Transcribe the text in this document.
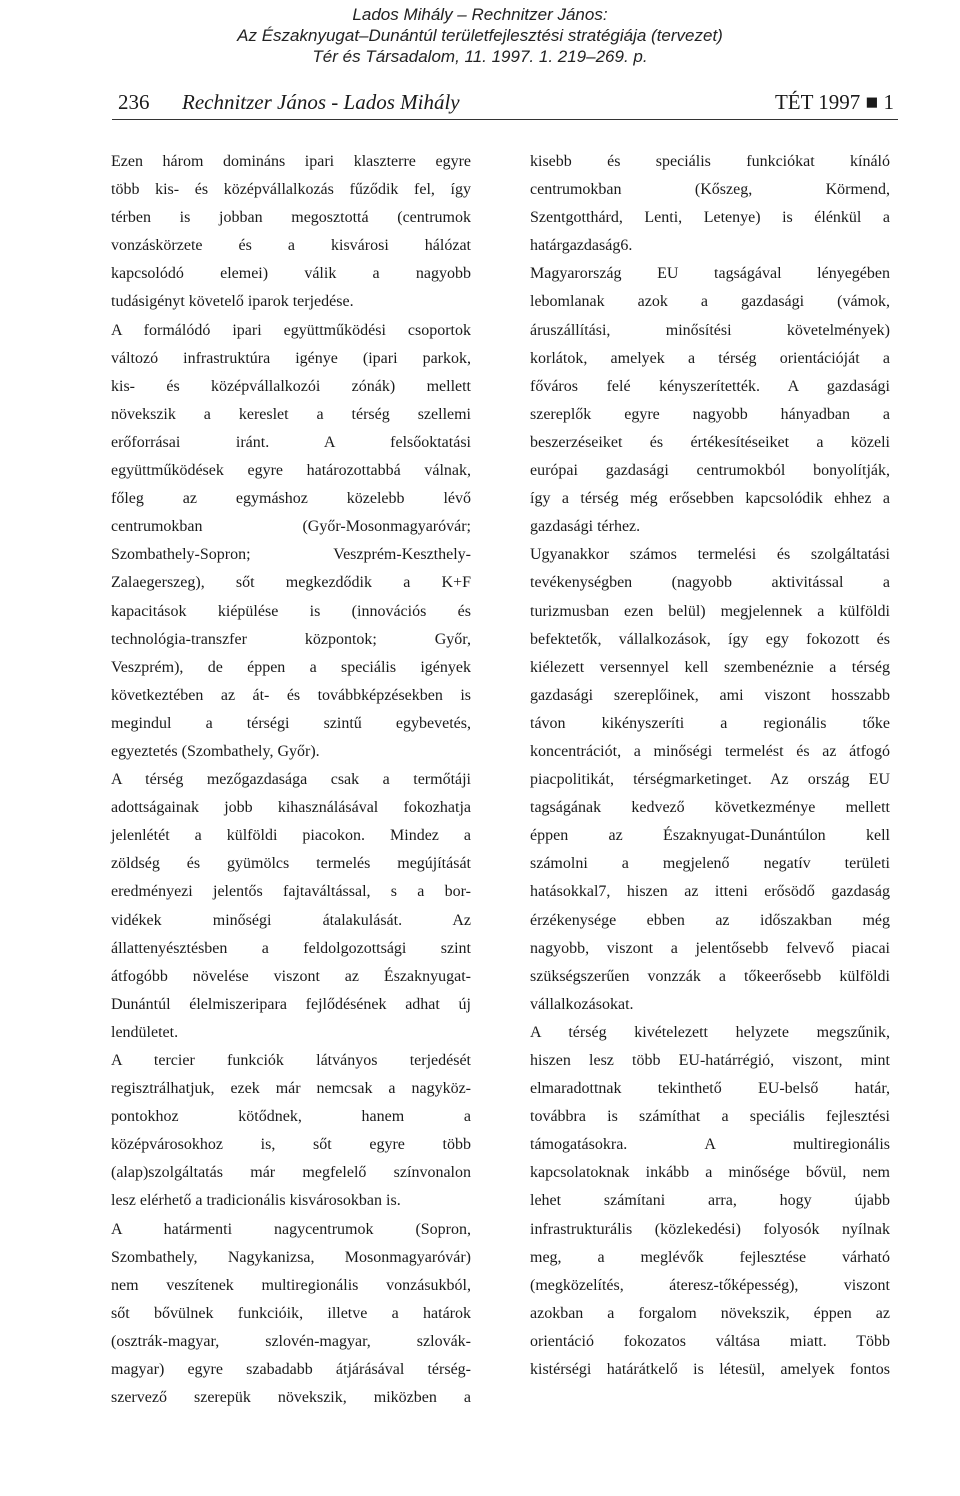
Lados Mihály – Rechnitzer János:
Az Északnyugat–Dunántúl területfejlesztési stratégiája (tervezet)
Tér és Társadalom, 11. 1997. 1. 219–269. p.
236 Rechnitzer János - Lados Mihály	TÉT 1997 ■ 1

Ezen három domináns ipari klaszterre egyre
több kis- és középvállalkozás fűződik fel, így
térben is jobban megosztottá (centrumok
vonzáskörzete és a kisvárosi hálózat
kapcsolódó elemei) válik a nagyobb

tudásigényt követelő iparok terjedése.

A formálódó ipari együttműködési csoportok
változó infrastruktúra igénye (ipari parkok,
kis- és középvállalkozói zónák) mellett
növekszik a kereslet a térség szellemi
erőforrásai iránt. A felsőoktatási
együttműködések egyre határozottabbá válnak,
főleg az egymáshoz közelebb lévő
centrumokban (Győr-Mosonmagyaróvár;
Szombathely-Sopron; Veszprém-Keszthely-
Zalaegerszeg), sőt megkezdődik a K+F
kapacitások kiépülése is (innovációs és
technológia-transzfer központok; Győr,
Veszprém), de éppen a speciális igények
következtében az át- és továbbképzésekben is
megindul a térségi szintű egybevetés,
egyeztetés (Szombathely, Győr).

A térség mezőgazdasága csak a termőtáji
adottságainak jobb kihasználásával fokozhatja
jelenlétét a külföldi piacokon. Mindez a
zöldség és gyümölcs termelés megújítását
eredményezi jelentős fajtaváltással, s a bor-
vidékek minőségi átalakulását. Az
állattenyésztésben a feldolgozottsági szint
átfogóbb növelése viszont az Északnyugat-
Dunántúl élelmiszeripara fejlődésének adhat új
lendületet.

A tercier funkciók látványos terjedését
regisztrálhatjuk, ezek már nemcsak a nagyköz-
pontokhoz kötődnek, hanem a
középvárosokhoz is, sőt egyre több
(alap)szolgáltatás már megfelelő színvonalon
lesz elérhető a tradicionális kisvárosokban is.

A határmenti nagycentrumok (Sopron,
Szombathely, Nagykanizsa, Mosonmagyaróvár)
nem veszítenek multiregionális vonzásukból,
sőt bővülnek funkcióik, illetve a határok
(osztrák-magyar, szlovén-magyar, szlovák-
magyar) egyre szabadabb átjárásával térség-
szervező szerepük növekszik, miközben a

kisebb és speciális funkciókat kínáló
centrumokban (Kőszeg, Körmend,
Szentgotthárd, Lenti, Letenye) is élénkül a

határgazdaság6.

Magyarország EU tagságával lényegében
lebomlanak azok a gazdasági (vámok,
áruszállítási, minősítési követelmények)
korlátok, amelyek a térség orientációját a
főváros felé kényszerítették. A gazdasági
szereplők egyre nagyobb hányadban a
beszerzéseiket és értékesítéseiket a közeli
európai gazdasági centrumokból bonyolítják,
így a térség még erősebben kapcsolódik ehhez a

gazdasági térhez.

Ugyanakkor számos termelési és szolgáltatási
tevékenységben (nagyobb aktivitással a
turizmusban ezen belül) megjelennek a külföldi
befektetők, vállalkozások, így egy fokozott és
kiélezett versennyel kell szembenéznie a térség
gazdasági szereplőinek, ami viszont hosszabb
távon kikényszeríti a regionális tőke
koncentrációt, a minőségi termelést és az átfogó
piacpolitikát, térségmarketinget. Az ország EU
tagságának kedvező következménye mellett
éppen az Északnyugat-Dunántúlon kell
számolni a megjelenő negatív területi
hatásokkal7, hiszen az itteni erősödő gazdaság
érzékenysége ebben az időszakban még
nagyobb, viszont a jelentősebb felvevő piacai
szükségszerűen vonzzák a tőkeerősebb külföldi

vállalkozásokat.

A térség kivételezett helyzete megszűnik,
hiszen lesz több EU-határrégió, viszont, mint
elmaradottnak tekinthető EU-belső határ,
továbbra is számíthat a speciális fejlesztési
támogatásokra. A multiregionális
kapcsolatoknak inkább a minősége bővül, nem
lehet számítani arra, hogy újabb
infrastrukturális (közlekedési) folyosók nyílnak
meg, a meglévők fejlesztése várható
(megközelítés, áteresz-tőképesség), viszont
azokban a forgalom növekszik, éppen az
orientáció fokozatos váltása miatt. Több
kistérségi határátkelő is létesül, amelyek fontos
